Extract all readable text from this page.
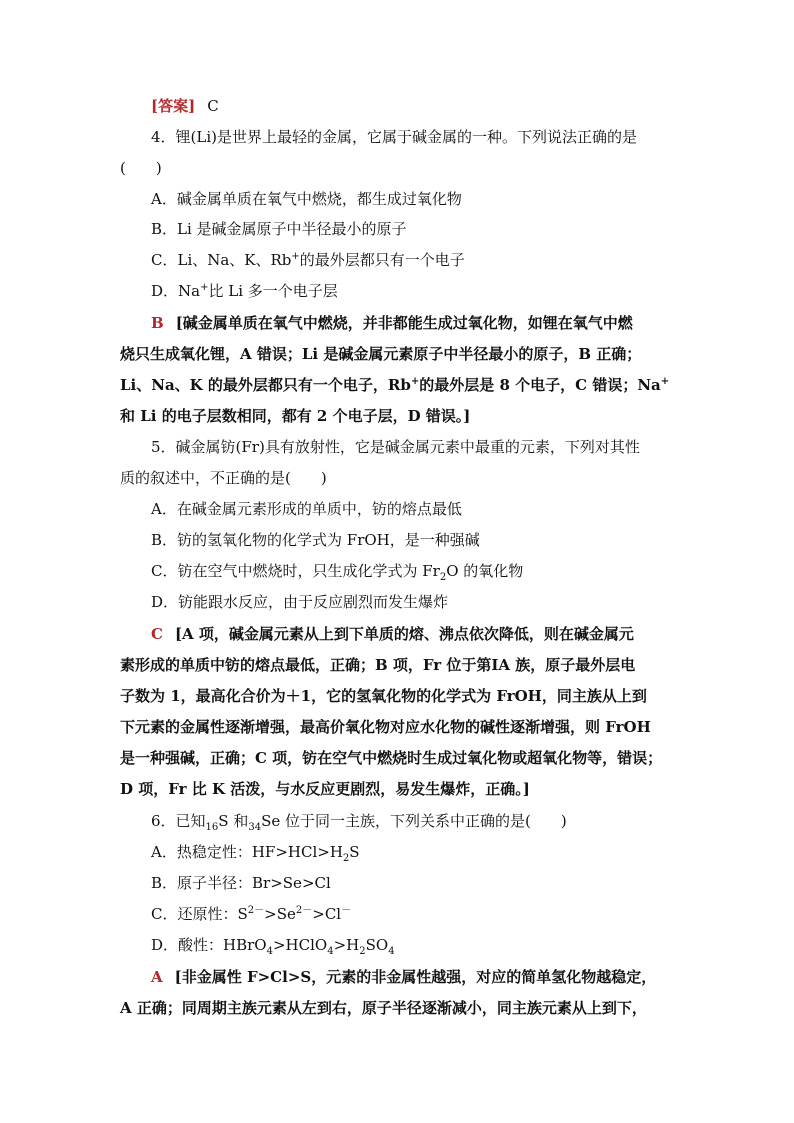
[答案] C
4．锂(Li)是世界上最轻的金属，它属于碱金属的一种。下列说法正确的是
(　　)
A．碱金属单质在氧气中燃烧，都生成过氧化物
B．Li 是碱金属原子中半径最小的原子
C．Li、Na、K、Rb+的最外层都只有一个电子
D．Na+比 Li 多一个电子层
B [碱金属单质在氧气中燃烧，并非都能生成过氧化物，如锂在氧气中燃
烧只生成氧化锂，A 错误；Li 是碱金属元素原子中半径最小的原子，B 正确；
Li、Na、K 的最外层都只有一个电子，Rb+的最外层是 8 个电子，C 错误；Na+
和 Li 的电子层数相同，都有 2 个电子层，D 错误。]
5．碱金属钫(Fr)具有放射性，它是碱金属元素中最重的元素，下列对其性
质的叙述中，不正确的是(　　)
A．在碱金属元素形成的单质中，钫的熔点最低
B．钫的氢氧化物的化学式为 FrOH，是一种强碱
C．钫在空气中燃烧时，只生成化学式为 $Fr_2O$ 的氧化物
D．钫能跟水反应，由于反应剧烈而发生爆炸
C [A 项，碱金属元素从上到下单质的熔、沸点依次降低，则在碱金属元
素形成的单质中钫的熔点最低，正确；B 项，Fr 位于第ⅠA 族，原子最外层电
子数为 1，最高化合价为＋1，它的氢氧化物的化学式为 FrOH，同主族从上到
下元素的金属性逐渐增强，最高价氧化物对应水化物的碱性逐渐增强，则 FrOH
是一种强碱，正确；C 项，钫在空气中燃烧时生成过氧化物或超氧化物等，错误；
D 项，Fr 比 K 活泼，与水反应更剧烈，易发生爆炸，正确。]
6．已知$_{16}$S 和$_{34}$Se 位于同一主族，下列关系中正确的是(　　)
A．热稳定性：$HF>HCl>H_2S$
B．原子半径：Br>Se>Cl
C．还原性：$S^{2-}>Se^{2-}>Cl^-$
D．酸性：$HBrO_4>HClO_4>H_2SO_4$
A [非金属性 F>Cl>S，元素的非金属性越强，对应的简单氢化物越稳定，
A 正确；同周期主族元素从左到右，原子半径逐渐减小，同主族元素从上到下，
